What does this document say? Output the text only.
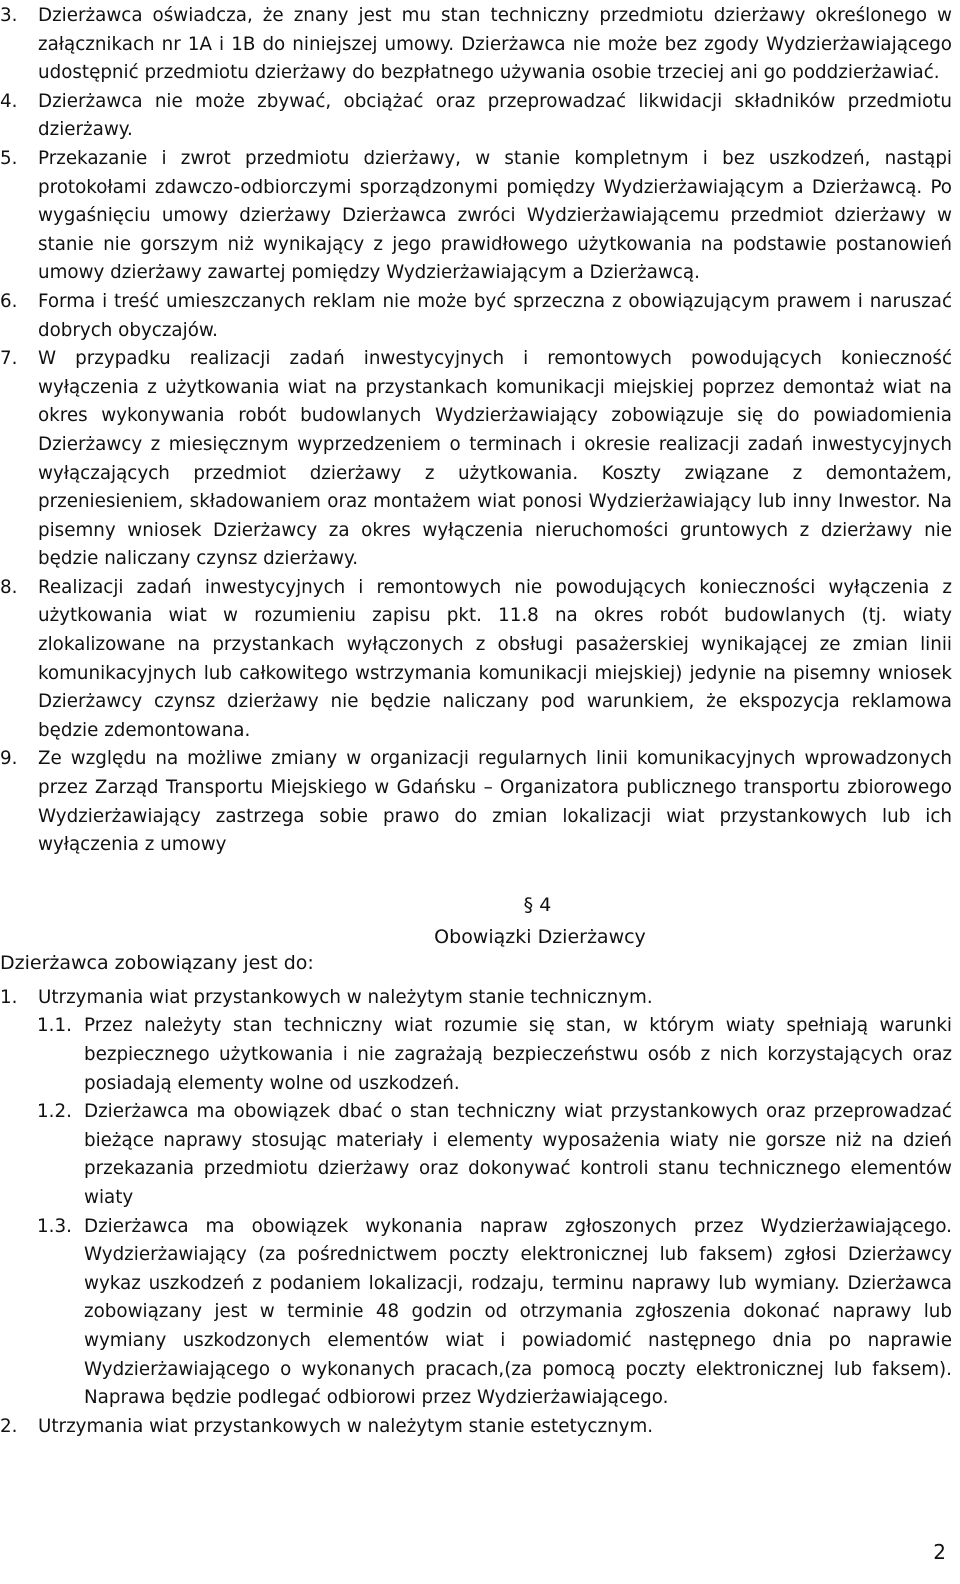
3. Dzierżawca oświadcza, że znany jest mu stan techniczny przedmiotu dzierżawy określonego w załącznikach nr 1A i 1B do niniejszej umowy. Dzierżawca nie może bez zgody Wydzierżawiającego udostępnić przedmiotu dzierżawy do bezpłatnego używania osobie trzeciej ani go poddzierżawiać.
4. Dzierżawca nie może zbywać, obciążać oraz przeprowadzać likwidacji składników przedmiotu dzierżawy.
5. Przekazanie i zwrot przedmiotu dzierżawy, w stanie kompletnym i bez uszkodzeń, nastąpi protokołami zdawczo-odbiorczymi sporządzonymi pomiędzy Wydzierżawiającym a Dzierżawcą. Po wygaśnięciu umowy dzierżawy Dzierżawca zwróci Wydzierżawiającemu przedmiot dzierżawy w stanie nie gorszym niż wynikający z jego prawidłowego użytkowania na podstawie postanowień umowy dzierżawy zawartej pomiędzy Wydzierżawiającym a Dzierżawcą.
6. Forma i treść umieszczanych reklam nie może być sprzeczna z obowiązującym prawem i naruszać dobrych obyczajów.
7. W przypadku realizacji zadań inwestycyjnych i remontowych powodujących konieczność wyłączenia z użytkowania wiat na przystankach komunikacji miejskiej poprzez demontaż wiat na okres wykonywania robót budowlanych Wydzierżawiający zobowiązuje się do powiadomienia Dzierżawcy z miesięcznym wyprzedzeniem o terminach i okresie realizacji zadań inwestycyjnych wyłączających przedmiot dzierżawy z użytkowania. Koszty związane z demontażem, przeniesieniem, składowaniem oraz montażem wiat ponosi Wydzierżawiający lub inny Inwestor. Na pisemny wniosek Dzierżawcy za okres wyłączenia nieruchomości gruntowych z dzierżawy nie będzie naliczany czynsz dzierżawy.
8. Realizacji zadań inwestycyjnych i remontowych nie powodujących konieczności wyłączenia z użytkowania wiat w rozumieniu zapisu pkt. 11.8 na okres robót budowlanych (tj. wiaty zlokalizowane na przystankach wyłączonych z obsługi pasażerskiej wynikającej ze zmian linii komunikacyjnych lub całkowitego wstrzymania komunikacji miejskiej) jedynie na pisemny wniosek Dzierżawcy czynsz dzierżawy nie będzie naliczany pod warunkiem, że ekspozycja reklamowa będzie zdemontowana.
9. Ze względu na możliwe zmiany w organizacji regularnych linii komunikacyjnych wprowadzonych przez Zarząd Transportu Miejskiego w Gdańsku – Organizatora publicznego transportu zbiorowego Wydzierżawiający zastrzega sobie prawo do zmian lokalizacji wiat przystankowych lub ich wyłączenia z umowy
§ 4
Obowiązki Dzierżawcy
Dzierżawca zobowiązany jest do:
1. Utrzymania wiat przystankowych w należytym stanie technicznym.
1.1. Przez należyty stan techniczny wiat rozumie się stan, w którym wiaty spełniają warunki bezpiecznego użytkowania i nie zagrażają bezpieczeństwu osób z nich korzystających oraz posiadają elementy wolne od uszkodzeń.
1.2. Dzierżawca ma obowiązek dbać o stan techniczny wiat przystankowych oraz przeprowadzać bieżące naprawy stosując materiały i elementy wyposażenia wiaty nie gorsze niż na dzień przekazania przedmiotu dzierżawy oraz dokonywać kontroli stanu technicznego elementów wiaty
1.3. Dzierżawca ma obowiązek wykonania napraw zgłoszonych przez Wydzierżawiającego. Wydzierżawiający (za pośrednictwem poczty elektronicznej lub faksem) zgłosi Dzierżawcy wykaz uszkodzeń z podaniem lokalizacji, rodzaju, terminu naprawy lub wymiany. Dzierżawca zobowiązany jest w terminie 48 godzin od otrzymania zgłoszenia dokonać naprawy lub wymiany uszkodzonych elementów wiat i powiadomić następnego dnia po naprawie Wydzierżawiającego o wykonanych pracach,(za pomocą poczty elektronicznej lub faksem). Naprawa będzie podlegać odbiorowi przez Wydzierżawiającego.
2. Utrzymania wiat przystankowych w należytym stanie estetycznym.
2
